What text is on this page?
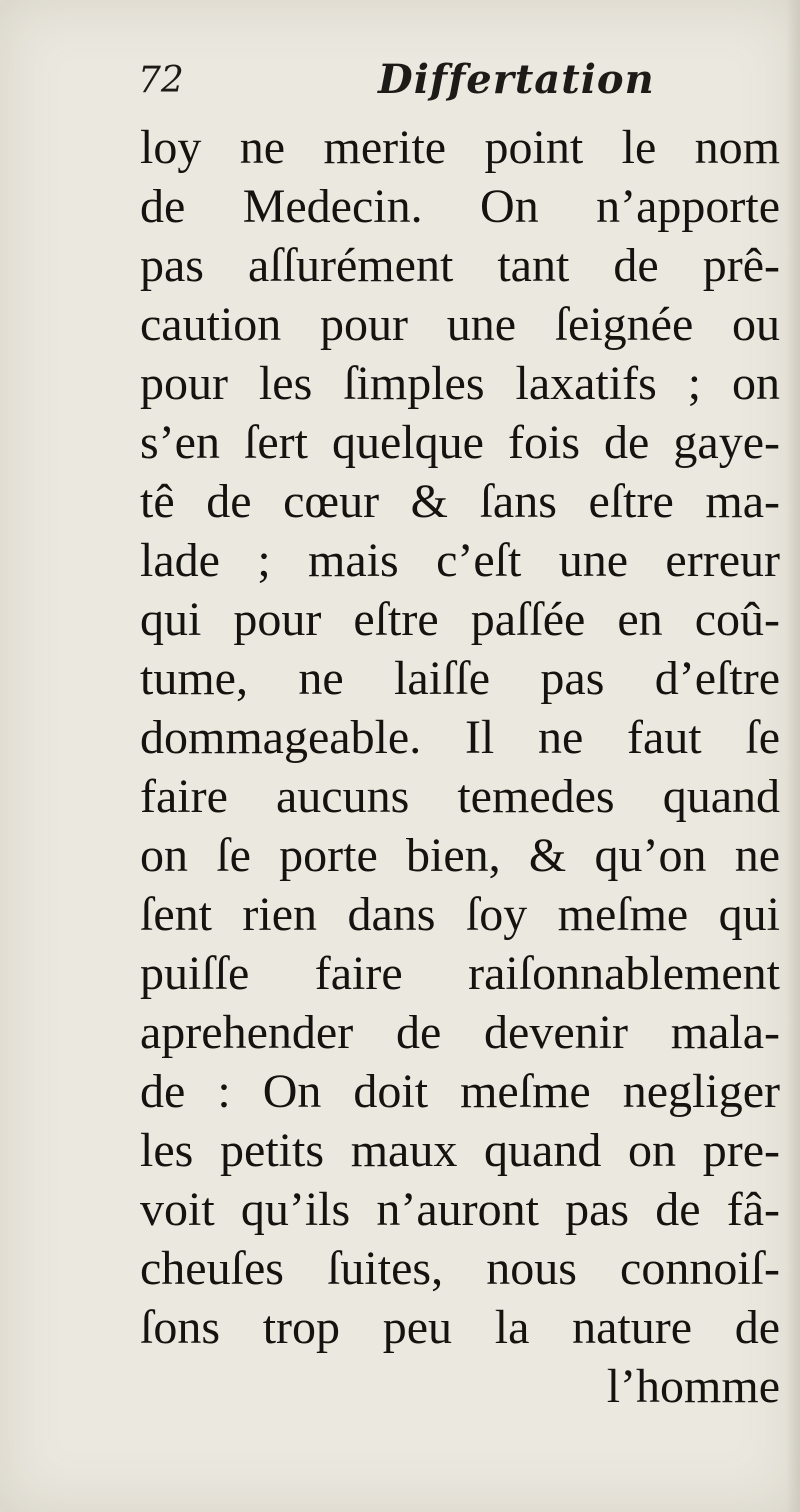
72	Differtation
loy ne merite point le nom
de Medecin. On n’apporte
pas aſſurément tant de prê-
caution pour une ſeignée ou
pour les ſimples laxatifs ; on
s’en ſert quelque fois de gaye-
tê de cœur & ſans eſtre ma-
lade ; mais c’eſt une erreur
qui pour eſtre paſſée en coû-
tume, ne laiſſe pas d’eſtre
dommageable. Il ne faut ſe
faire aucuns temedes quand
on ſe porte bien, & qu’on ne
ſent rien dans ſoy meſme qui
puiſſe faire raiſonnablement
aprehender de devenir mala-
de : On doit meſme negliger
les petits maux quand on pre-
voit qu’ils n’auront pas de fâ-
cheuſes ſuites, nous connoiſ-
ſons trop peu la nature de
l’homme
